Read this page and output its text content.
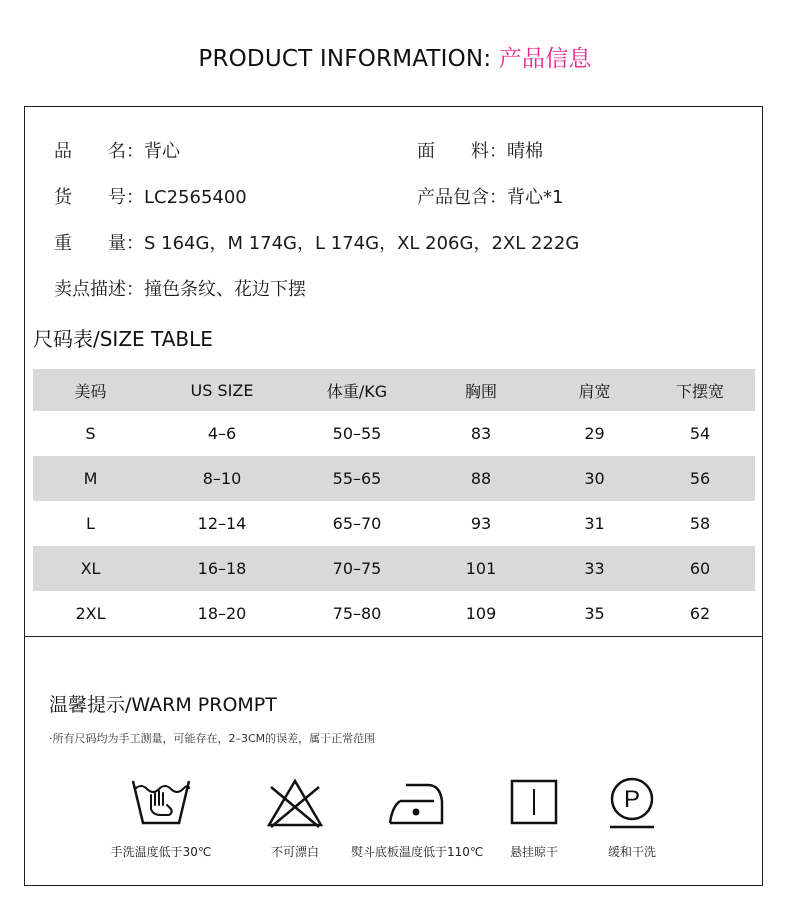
PRODUCT INFORMATION: 产品信息
品　　名：背心	面　　料：晴棉
货　　号：LC2565400	产品包含：背心*1
重　　量：S 164G，M 174G，L 174G，XL 206G，2XL 222G
卖点描述：撞色条纹、花边下摆
尺码表/SIZE TABLE
美码	US SIZE	体重/KG	胸围	肩宽	下摆宽
S	4–6	50–55	83	29	54
M	8–10	55–65	88	30	56
L	12–14	65–70	93	31	58
XL	16–18	70–75	101	33	60
2XL	18–20	75–80	109	35	62
温馨提示/WARM PROMPT
·所有尺码均为手工测量，可能存在，2–3CM的误差，属于正常范围
手洗温度低于30℃	不可漂白	熨斗底板温度低于110℃	悬挂晾干
P
缓和干洗
